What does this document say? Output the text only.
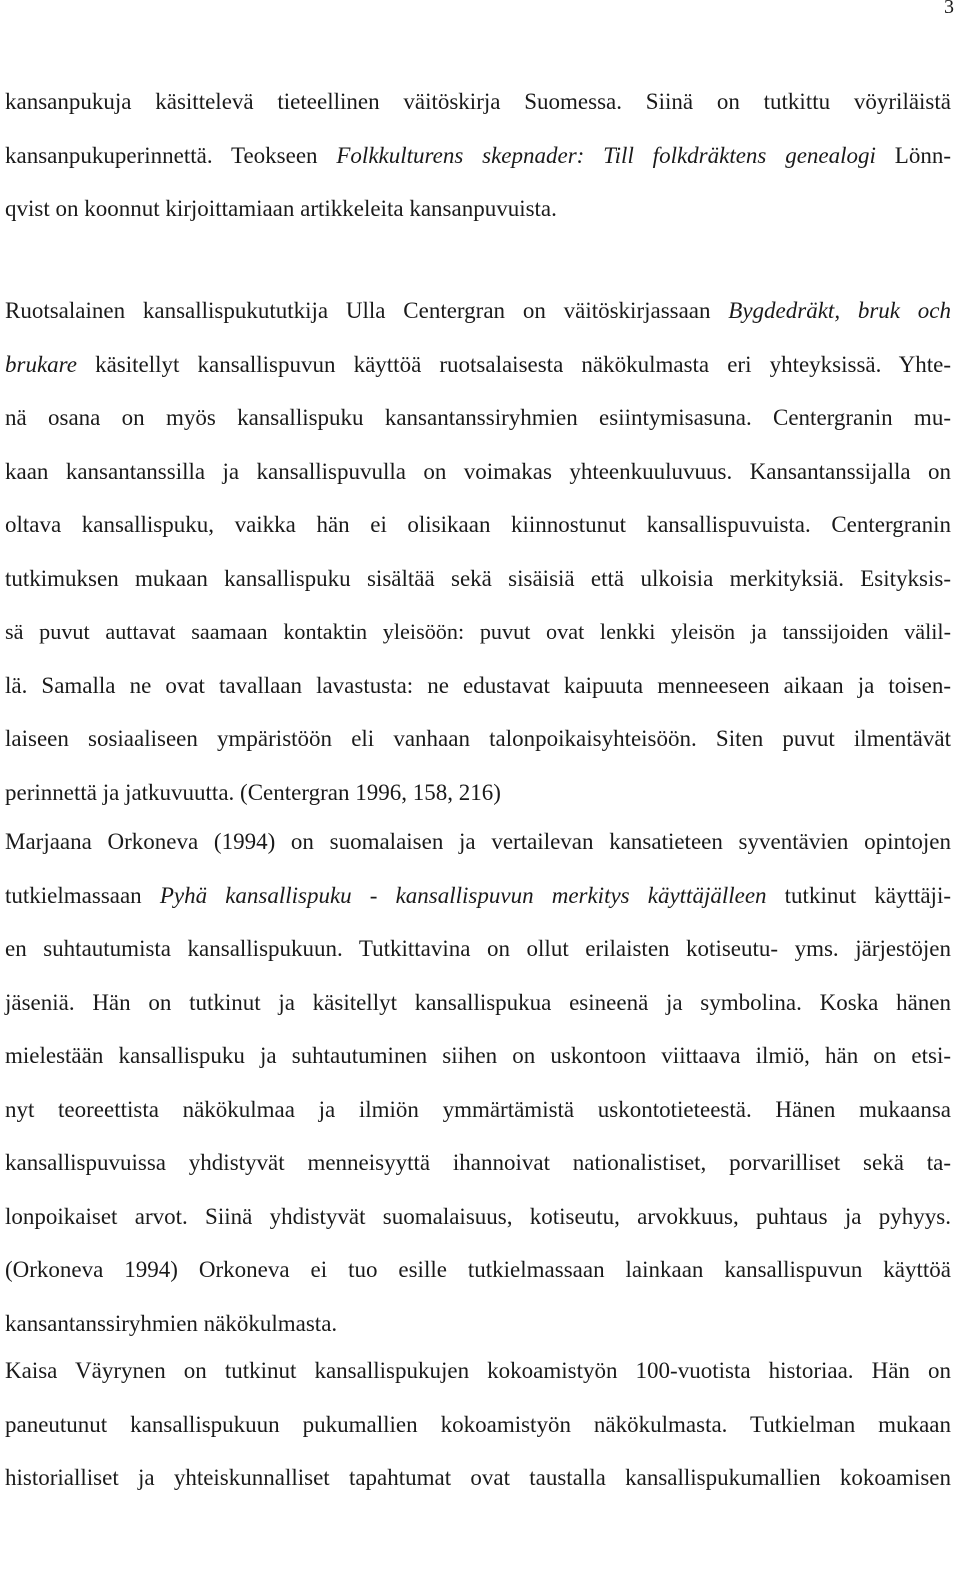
3
kansanpukuja käsittelevä tieteellinen väitöskirja Suomessa. Siinä on tutkittu vöyriläistä
kansanpukuperinnettä. Teokseen Folkkulturens skepnader: Till folkdräktens genealogi Lönn-
qvist on koonnut kirjoittamiaan artikkeleita kansanpuvuista.
Ruotsalainen kansallispukututkija Ulla Centergran on väitöskirjassaan Bygdedräkt, bruk och
brukare käsitellyt kansallispuvun käyttöä ruotsalaisesta näkökulmasta eri yhteyksissä. Yhte-
nä osana on myös kansallispuku kansantanssiryhmien esiintymisasuna. Centergranin mu-
kaan kansantanssilla ja kansallispuvulla on voimakas yhteenkuuluvuus. Kansantanssijalla on
oltava kansallispuku, vaikka hän ei olisikaan kiinnostunut kansallispuvuista. Centergranin
tutkimuksen mukaan kansallispuku sisältää sekä sisäisiä että ulkoisia merkityksiä. Esityksis-
sä puvut auttavat saamaan kontaktin yleisöön: puvut ovat lenkki yleisön ja tanssijoiden välil-
lä. Samalla ne ovat tavallaan lavastusta: ne edustavat kaipuuta menneeseen aikaan ja toisen-
laiseen sosiaaliseen ympäristöön eli vanhaan talonpoikaisyhteisöön. Siten puvut ilmentävät
perinnettä ja jatkuvuutta. (Centergran 1996, 158, 216)
Marjaana Orkoneva (1994) on suomalaisen ja vertailevan kansatieteen syventävien opintojen
tutkielmassaan Pyhä kansallispuku - kansallispuvun merkitys käyttäjälleen tutkinut käyttäji-
en suhtautumista kansallispukuun. Tutkittavina on ollut erilaisten kotiseutu- yms. järjestöjen
jäseniä. Hän on tutkinut ja käsitellyt kansallispukua esineenä ja symbolina. Koska hänen
mielestään kansallispuku ja suhtautuminen siihen on uskontoon viittaava ilmiö, hän on etsi-
nyt teoreettista näkökulmaa ja ilmiön ymmärtämistä uskontotieteestä. Hänen mukaansa
kansallispuvuissa yhdistyvät menneisyyttä ihannoivat nationalistiset, porvarilliset sekä ta-
lonpoikaiset arvot. Siinä yhdistyvät suomalaisuus, kotiseutu, arvokkuus, puhtaus ja pyhyys.
(Orkoneva 1994) Orkoneva ei tuo esille tutkielmassaan lainkaan kansallispuvun käyttöä
kansantanssiryhmien näkökulmasta.
Kaisa Väyrynen on tutkinut kansallispukujen kokoamistyön 100-vuotista historiaa. Hän on
paneutunut kansallispukuun pukumallien kokoamistyön näkökulmasta. Tutkielman mukaan
historialliset ja yhteiskunnalliset tapahtumat ovat taustalla kansallispukumallien kokoamisen
